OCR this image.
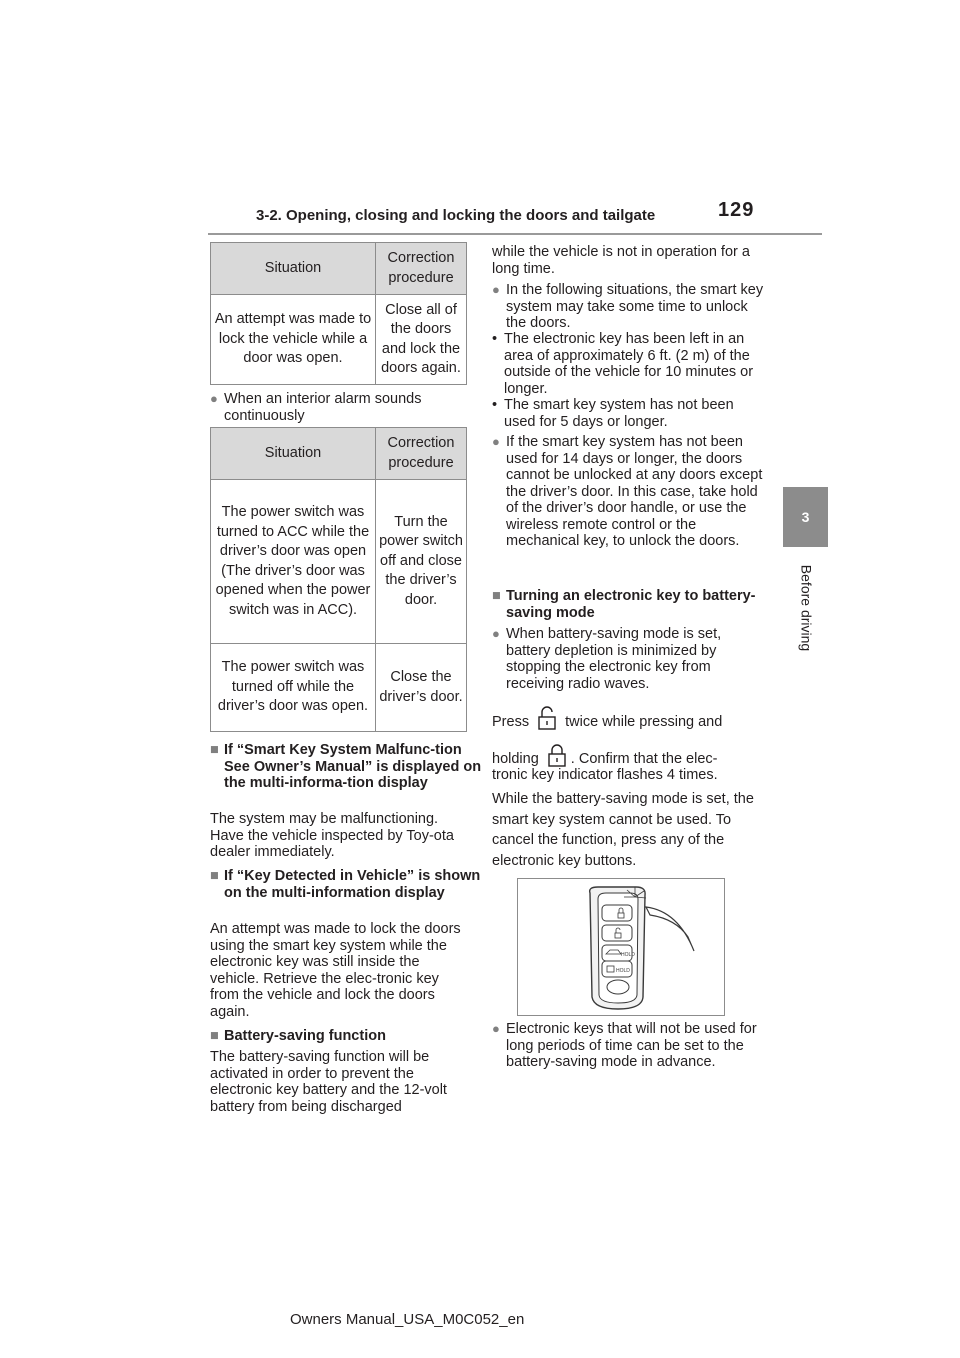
3-2. Opening, closing and locking the doors and tailgate	129
3
Before driving
Situation	Correction procedure
An attempt was made to lock the vehicle while a door was open.	Close all of the doors and lock the doors again.
● When an interior alarm sounds continuously
Situation	Correction procedure
The power switch was turned to ACC while the driver’s door was open (The driver’s door was opened when the power switch was in ACC).	Turn the power switch off and close the driver’s door.
The power switch was turned off while the driver’s door was open.	Close the driver’s door.
■ If “Smart Key System Malfunc-tion See Owner’s Manual” is displayed on the multi-informa-tion display
The system may be malfunctioning. Have the vehicle inspected by Toy-ota dealer immediately.
■ If “Key Detected in Vehicle” is shown on the multi-information display
An attempt was made to lock the doors using the smart key system while the electronic key was still inside the vehicle. Retrieve the elec-tronic key from the vehicle and lock the doors again.
■ Battery-saving function
The battery-saving function will be activated in order to prevent the electronic key battery and the 12-volt battery from being discharged
while the vehicle is not in operation for a long time.
● In the following situations, the smart key system may take some time to unlock the doors.
• The electronic key has been left in an area of approximately 6 ft. (2 m) of the outside of the vehicle for 10 minutes or longer.
• The smart key system has not been used for 5 days or longer.
● If the smart key system has not been used for 14 days or longer, the doors cannot be unlocked at any doors except the driver’s door. In this case, take hold of the driver’s door handle, or use the wireless remote control or the mechanical key, to unlock the doors.
■ Turning an electronic key to battery-saving mode
● When battery-saving mode is set, battery depletion is minimized by stopping the electronic key from receiving radio waves.
Press twice while pressing and
holding . Confirm that the elec-
tronic key indicator flashes 4 times.
While the battery-saving mode is set, the smart key system cannot be used. To cancel the function, press any of the electronic key buttons.
HOLD
HOLD
● Electronic keys that will not be used for long periods of time can be set to the battery-saving mode in advance.
Owners Manual_USA_M0C052_en
